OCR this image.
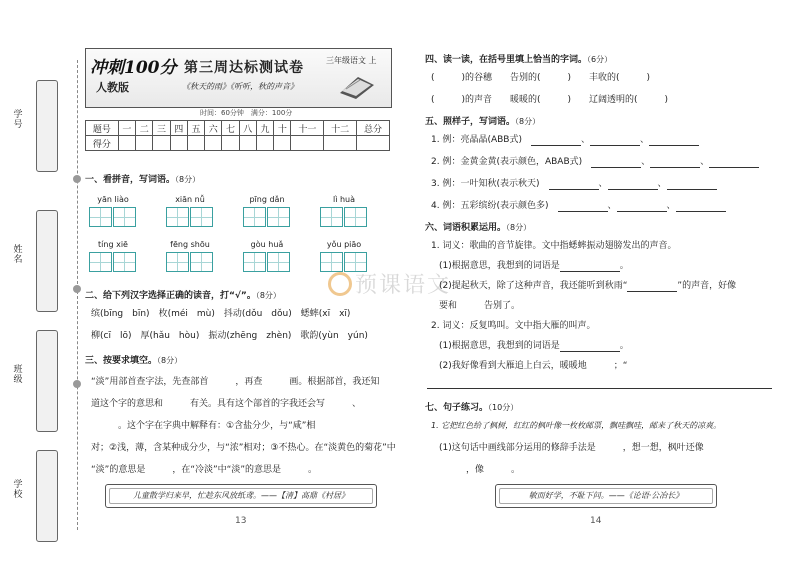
学号
姓名
班级
学校
冲刺100分
人教版
第三周达标测试卷
《秋天的雨》《听听，秋的声音》
三年级语文 上
时间：60分钟　满分：100分
题号	一	二	三	四	五	六	七	八	九	十	十一	十二	总分
得分													
一、看拼音，写词语。（8分）
yān liào	xiān nǚ	pīng dǎn	lì huà
tíng xiē	fēng shōu	gòu huǎ	yǒu piāo
二、给下列汉字选择正确的读音，打“√”。（8分）
缤(bīng　bīn)　枚(méi　mù)　抖动(dǒu　dǒu)　蟋蟀(xī　xī)
柳(cī　lō)　厚(hǎu　hòu)　振动(zhēng　zhèn)　歌韵(yùn　yún)
三、按要求填空。（8分）
“淡”用部首查字法，先查部首　　　，再查　　　画。根据部首，我还知
道这个字的意思和　　　有关。具有这个部首的字我还会写　　　、
　　　。这个字在字典中解释有：①含盐分少，与“咸”相
对；②浅，薄，含某种成分少，与“浓”相对；③不热心。在“淡黄色的菊花”中
“淡”的意思是　　　，在“冷淡”中“淡”的意思是　　　。
儿童散学归来早，忙趁东风放纸鸢。——【清】高鼎《村居》
13
预课语文
四、读一读，在括号里填上恰当的字词。（6分）
(　　　)的谷穗　　告别的(　　　)　　丰收的(　　　)
(　　　)的声音　　暖暖的(　　　)　　辽阔透明的(　　　)
五、照样子，写词语。（8分）
1. 例：亮晶晶(ABB式)　	、	、
2. 例：金黄金黄(表示颜色，ABAB式)　	、	、
3. 例：一叶知秋(表示秋天)　	、	、
4. 例：五彩缤纷(表示颜色多)　	、	、
六、词语积累运用。（8分）
1. 词义：歌曲的音节旋律。文中指蟋蟀振动翅膀发出的声音。
(1)根据意思，我想到的词语是	。
(2)提起秋天，除了这种声音，我还能听到秋雨“	”的声音，好像
要和　　　告别了。
2. 词义：反复鸣叫。文中指大雁的叫声。
(1)根据意思，我想到的词语是	。
(2)我好像看到大雁追上白云，暖暖地　　　；“
七、句子练习。（10分）
1. 它把红色给了枫树，红红的枫叶像一枚枚邮票，飘哇飘哇，邮来了秋天的凉爽。
(1)这句话中画线部分运用的修辞手法是　　　，想一想，枫叶还像
　　　，像　　　。
敏而好学，不耻下问。——《论语·公冶长》
14
